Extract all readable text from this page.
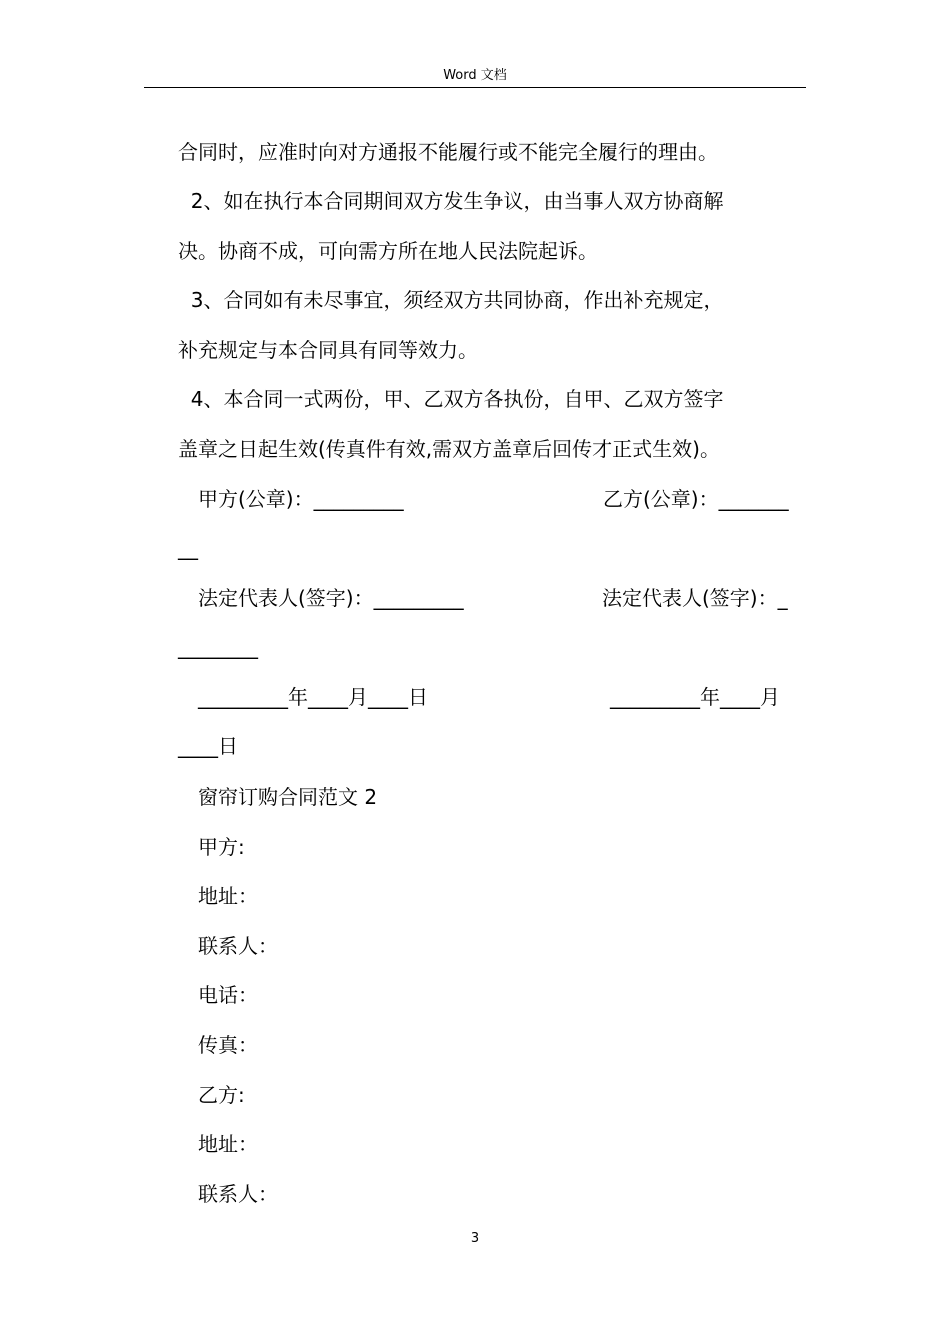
Word 文档
合同时，应准时向对方通报不能履行或不能完全履行的理由。
2、如在执行本合同期间双方发生争议，由当事人双方协商解
决。协商不成，可向需方所在地人民法院起诉。
3、合同如有未尽事宜，须经双方共同协商，作出补充规定，
补充规定与本合同具有同等效力。
4、本合同一式两份，甲、乙双方各执份，自甲、乙双方签字
盖章之日起生效(传真件有效,需双方盖章后回传才正式生效)。
甲方(公章)：_________	乙方(公章)：_______
__
法定代表人(签字)：_________	法定代表人(签字)：_
________
_________年____月____日	_________年____月
____日
窗帘订购合同范文 2
甲方:
地址：
联系人：
电话：
传真：
乙方:
地址：
联系人：
3
